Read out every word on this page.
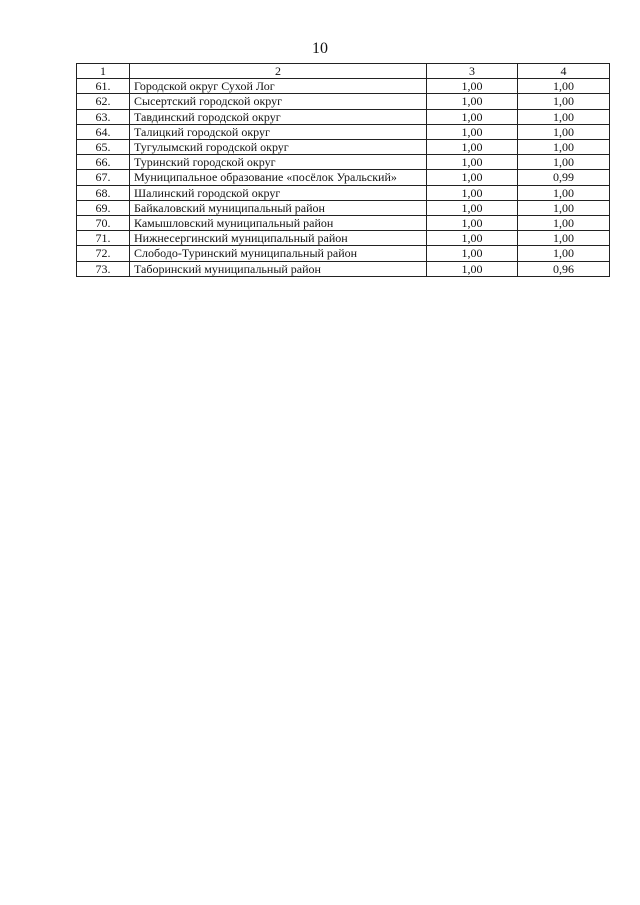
10
1	2	3	4
61.	Городской округ Сухой Лог	1,00	1,00
62.	Сысертский городской округ	1,00	1,00
63.	Тавдинский городской округ	1,00	1,00
64.	Талицкий городской округ	1,00	1,00
65.	Тугулымский городской округ	1,00	1,00
66.	Туринский городской округ	1,00	1,00
67.	Муниципальное образование «посёлок Уральский»	1,00	0,99
68.	Шалинский городской округ	1,00	1,00
69.	Байкаловский муниципальный район	1,00	1,00
70.	Камышловский муниципальный район	1,00	1,00
71.	Нижнесергинский муниципальный район	1,00	1,00
72.	Слободо-Туринский муниципальный район	1,00	1,00
73.	Таборинский муниципальный район	1,00	0,96
